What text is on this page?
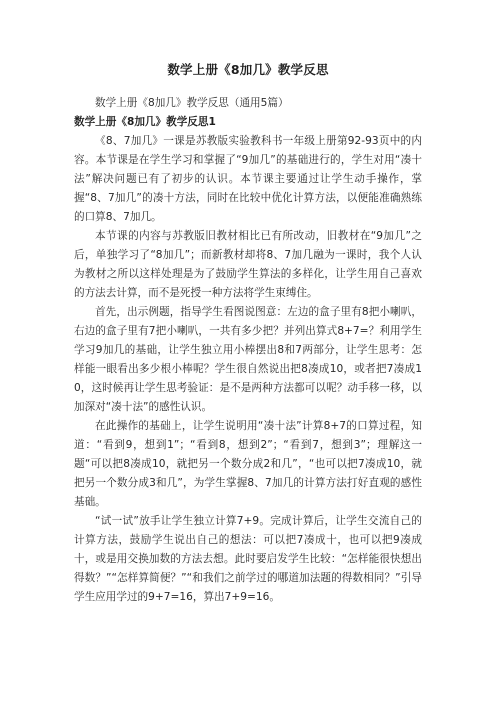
数学上册《8加几》教学反思

数学上册《8加几》教学反思（通用5篇）

数学上册《8加几》教学反思1

《8、7加几》一课是苏教版实验教科书一年级上册第92-93页中的内容。本节课是在学生学习和掌握了“9加几”的基础进行的，学生对用“凑十法”解决问题已有了初步的认识。本节课主要通过让学生动手操作，掌握“8、7加几”的凑十方法，同时在比较中优化计算方法，以便能准确熟练的口算8、7加几。

本节课的内容与苏教版旧教材相比已有所改动，旧教材在“9加几”之后，单独学习了“8加几”；而新教材却将8、7加几融为一课时，我个人认为教材之所以这样处理是为了鼓励学生算法的多样化，让学生用自己喜欢的方法去计算，而不是死授一种方法将学生束缚住。

首先，出示例题，指导学生看图说图意：左边的盒子里有8把小喇叭，右边的盒子里有7把小喇叭，一共有多少把？并列出算式8+7=？利用学生学习9加几的基础，让学生独立用小棒摆出8和7两部分，让学生思考：怎样能一眼看出多少根小棒呢？学生很自然说出把8凑成10，或者把7凑成10，这时候再让学生思考验证：是不是两种方法都可以呢？动手移一移，以加深对“凑十法”的感性认识。

在此操作的基础上，让学生说明用“凑十法”计算8+7的口算过程，知道：“看到9，想到1”；“看到8，想到2”；“看到7，想到3”；理解这一题“可以把8凑成10，就把另一个数分成2和几”，“也可以把7凑成10，就把另一个数分成3和几”，为学生掌握8、7加几的计算方法打好直观的感性基础。

“试一试”放手让学生独立计算7+9。完成计算后，让学生交流自己的计算方法，鼓励学生说出自己的想法：可以把7凑成十，也可以把9凑成十，或是用交换加数的方法去想。此时要启发学生比较：“怎样能很快想出得数？”“怎样算简便？”“和我们之前学过的哪道加法题的得数相同？”引导学生应用学过的9+7=16，算出7+9=16。
